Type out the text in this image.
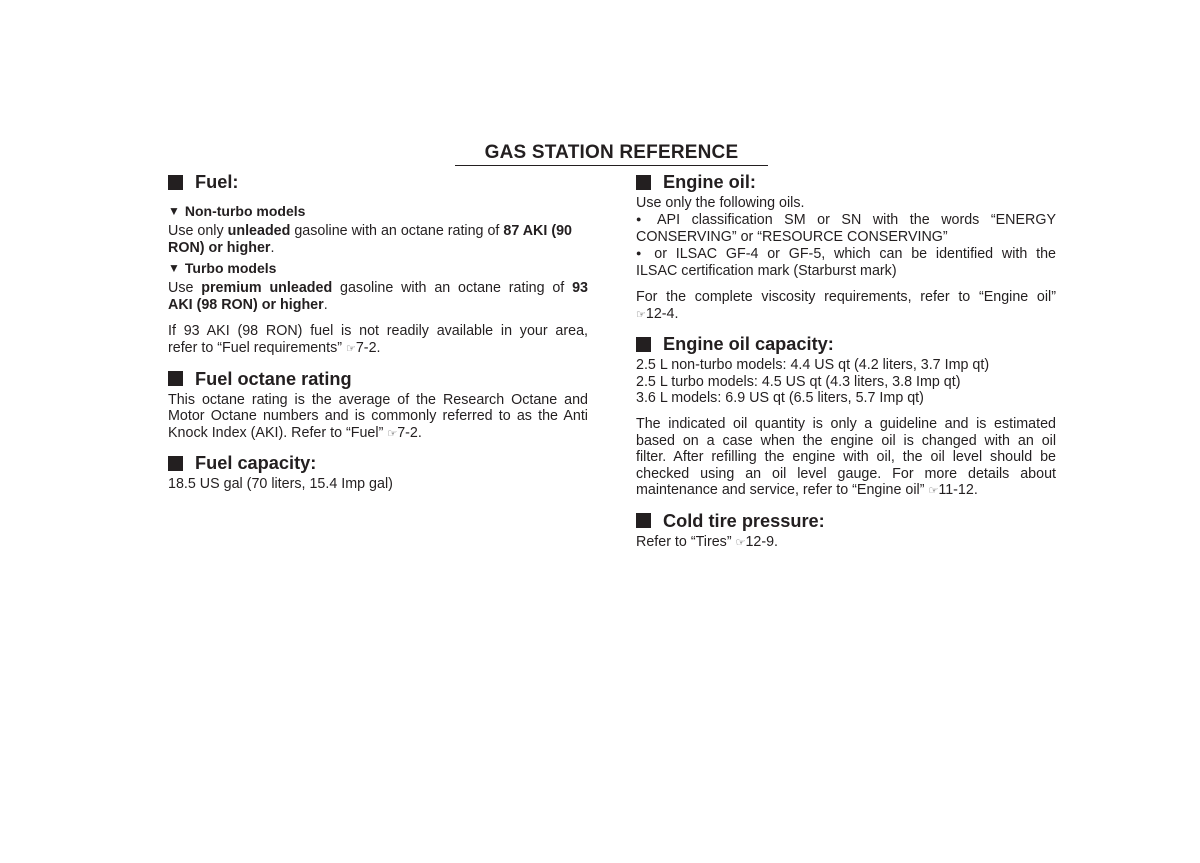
GAS STATION REFERENCE
Fuel:
▼ Non-turbo models

Use only unleaded gasoline with an octane rating of 87 AKI (90
RON) or higher.

▼ Turbo models

Use premium unleaded gasoline with an octane rating of 93
AKI (98 RON) or higher.

If 93 AKI (98 RON) fuel is not readily available in your area,
refer to “Fuel requirements” ☞7-2.

Fuel octane rating

This octane rating is the average of the Research Octane and
Motor Octane numbers and is commonly referred to as the Anti
Knock Index (AKI). Refer to “Fuel” ☞7-2.

Fuel capacity:

18.5 US gal (70 liters, 15.4 Imp gal)

Engine oil:

Use only the following oils.

● API classification SM or SN with the words “ENERGY
CONSERVING” or “RESOURCE CONSERVING”

● or ILSAC GF-4 or GF-5, which can be identified with the
ILSAC certification mark (Starburst mark)

For the complete viscosity requirements, refer to “Engine oil”
☞12-4.

Engine oil capacity:

2.5 L non-turbo models: 4.4 US qt (4.2 liters, 3.7 Imp qt)
2.5 L turbo models: 4.5 US qt (4.3 liters, 3.8 Imp qt)
3.6 L models: 6.9 US qt (6.5 liters, 5.7 Imp qt)

The indicated oil quantity is only a guideline and is estimated
based on a case when the engine oil is changed with an oil
filter. After refilling the engine with oil, the oil level should be
checked using an oil level gauge. For more details about
maintenance and service, refer to “Engine oil” ☞11-12.

Cold tire pressure:

Refer to “Tires” ☞12-9.
